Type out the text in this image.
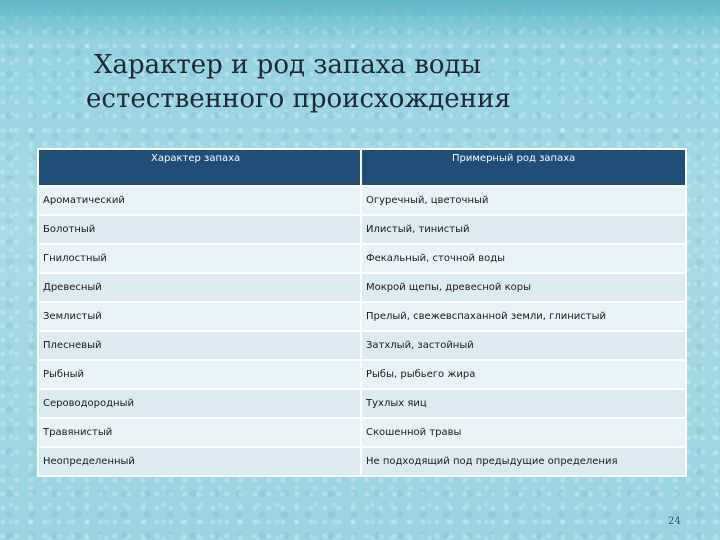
Характер и род запаха воды
естественного происхождения
Характер запаха	Примерный род запаха
Ароматический	Огуречный, цветочный
Болотный	Илистый, тинистый
Гнилостный	Фекальный, сточной воды
Древесный	Мокрой щепы, древесной коры
Землистый	Прелый, свежевспаханной земли, глинистый
Плесневый	Затхлый, застойный
Рыбный	Рыбы, рыбьего жира
Сероводородный	Тухлых яиц
Травянистый	Скошенной травы
Неопределенный	Не подходящий под предыдущие определения
24
